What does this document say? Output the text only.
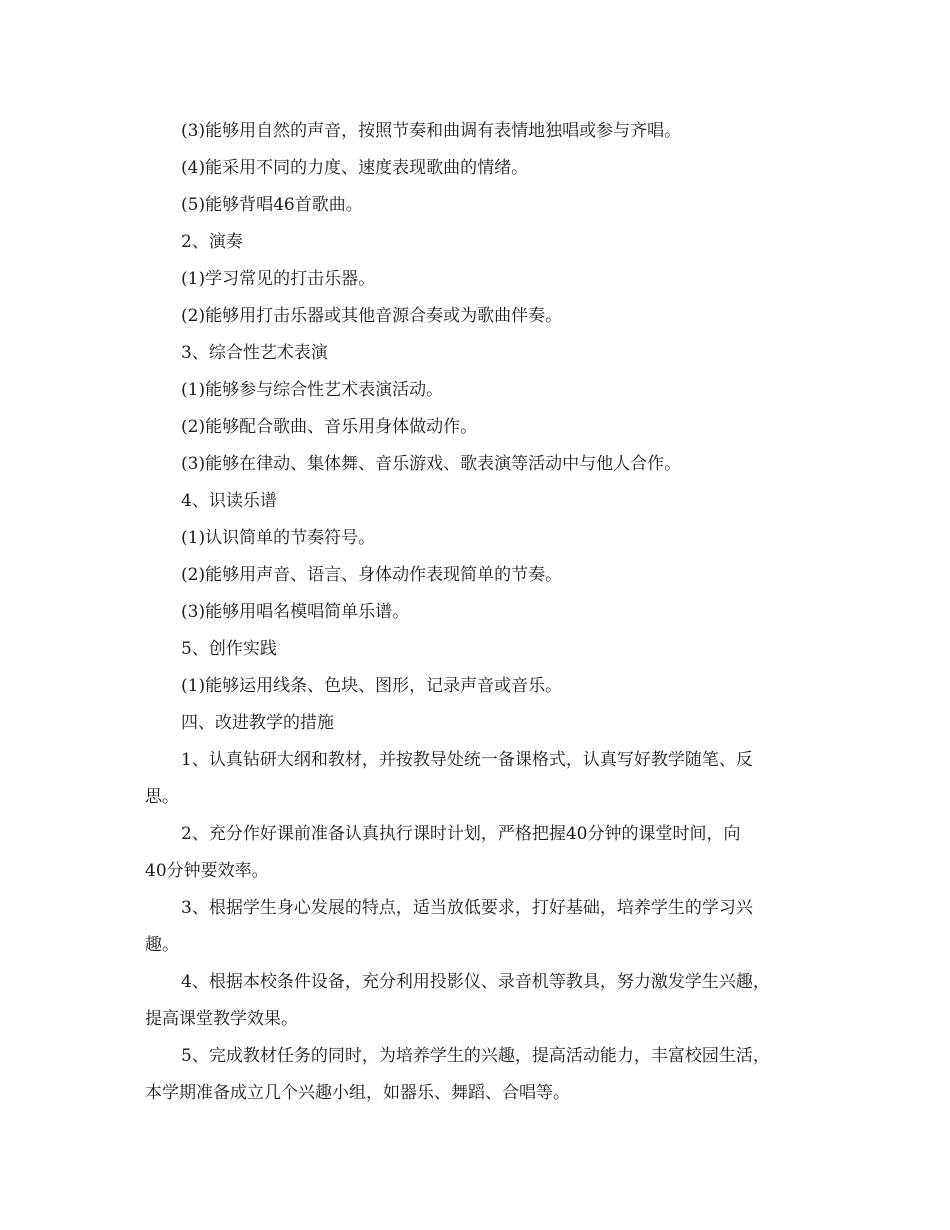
(3)能够用自然的声音，按照节奏和曲调有表情地独唱或参与齐唱。
(4)能采用不同的力度、速度表现歌曲的情绪。
(5)能够背唱46首歌曲。
2、演奏
(1)学习常见的打击乐器。
(2)能够用打击乐器或其他音源合奏或为歌曲伴奏。
3、综合性艺术表演
(1)能够参与综合性艺术表演活动。
(2)能够配合歌曲、音乐用身体做动作。
(3)能够在律动、集体舞、音乐游戏、歌表演等活动中与他人合作。
4、识读乐谱
(1)认识简单的节奏符号。
(2)能够用声音、语言、身体动作表现简单的节奏。
(3)能够用唱名模唱简单乐谱。
5、创作实践
(1)能够运用线条、色块、图形，记录声音或音乐。
四、改进教学的措施
1、认真钻研大纲和教材，并按教导处统一备课格式，认真写好教学随笔、反
思。
2、充分作好课前准备认真执行课时计划，严格把握40分钟的课堂时间，向
40分钟要效率。
3、根据学生身心发展的特点，适当放低要求，打好基础，培养学生的学习兴
趣。
4、根据本校条件设备，充分利用投影仪、录音机等教具，努力激发学生兴趣，
提高课堂教学效果。
5、完成教材任务的同时，为培养学生的兴趣，提高活动能力，丰富校园生活，
本学期准备成立几个兴趣小组，如器乐、舞蹈、合唱等。
